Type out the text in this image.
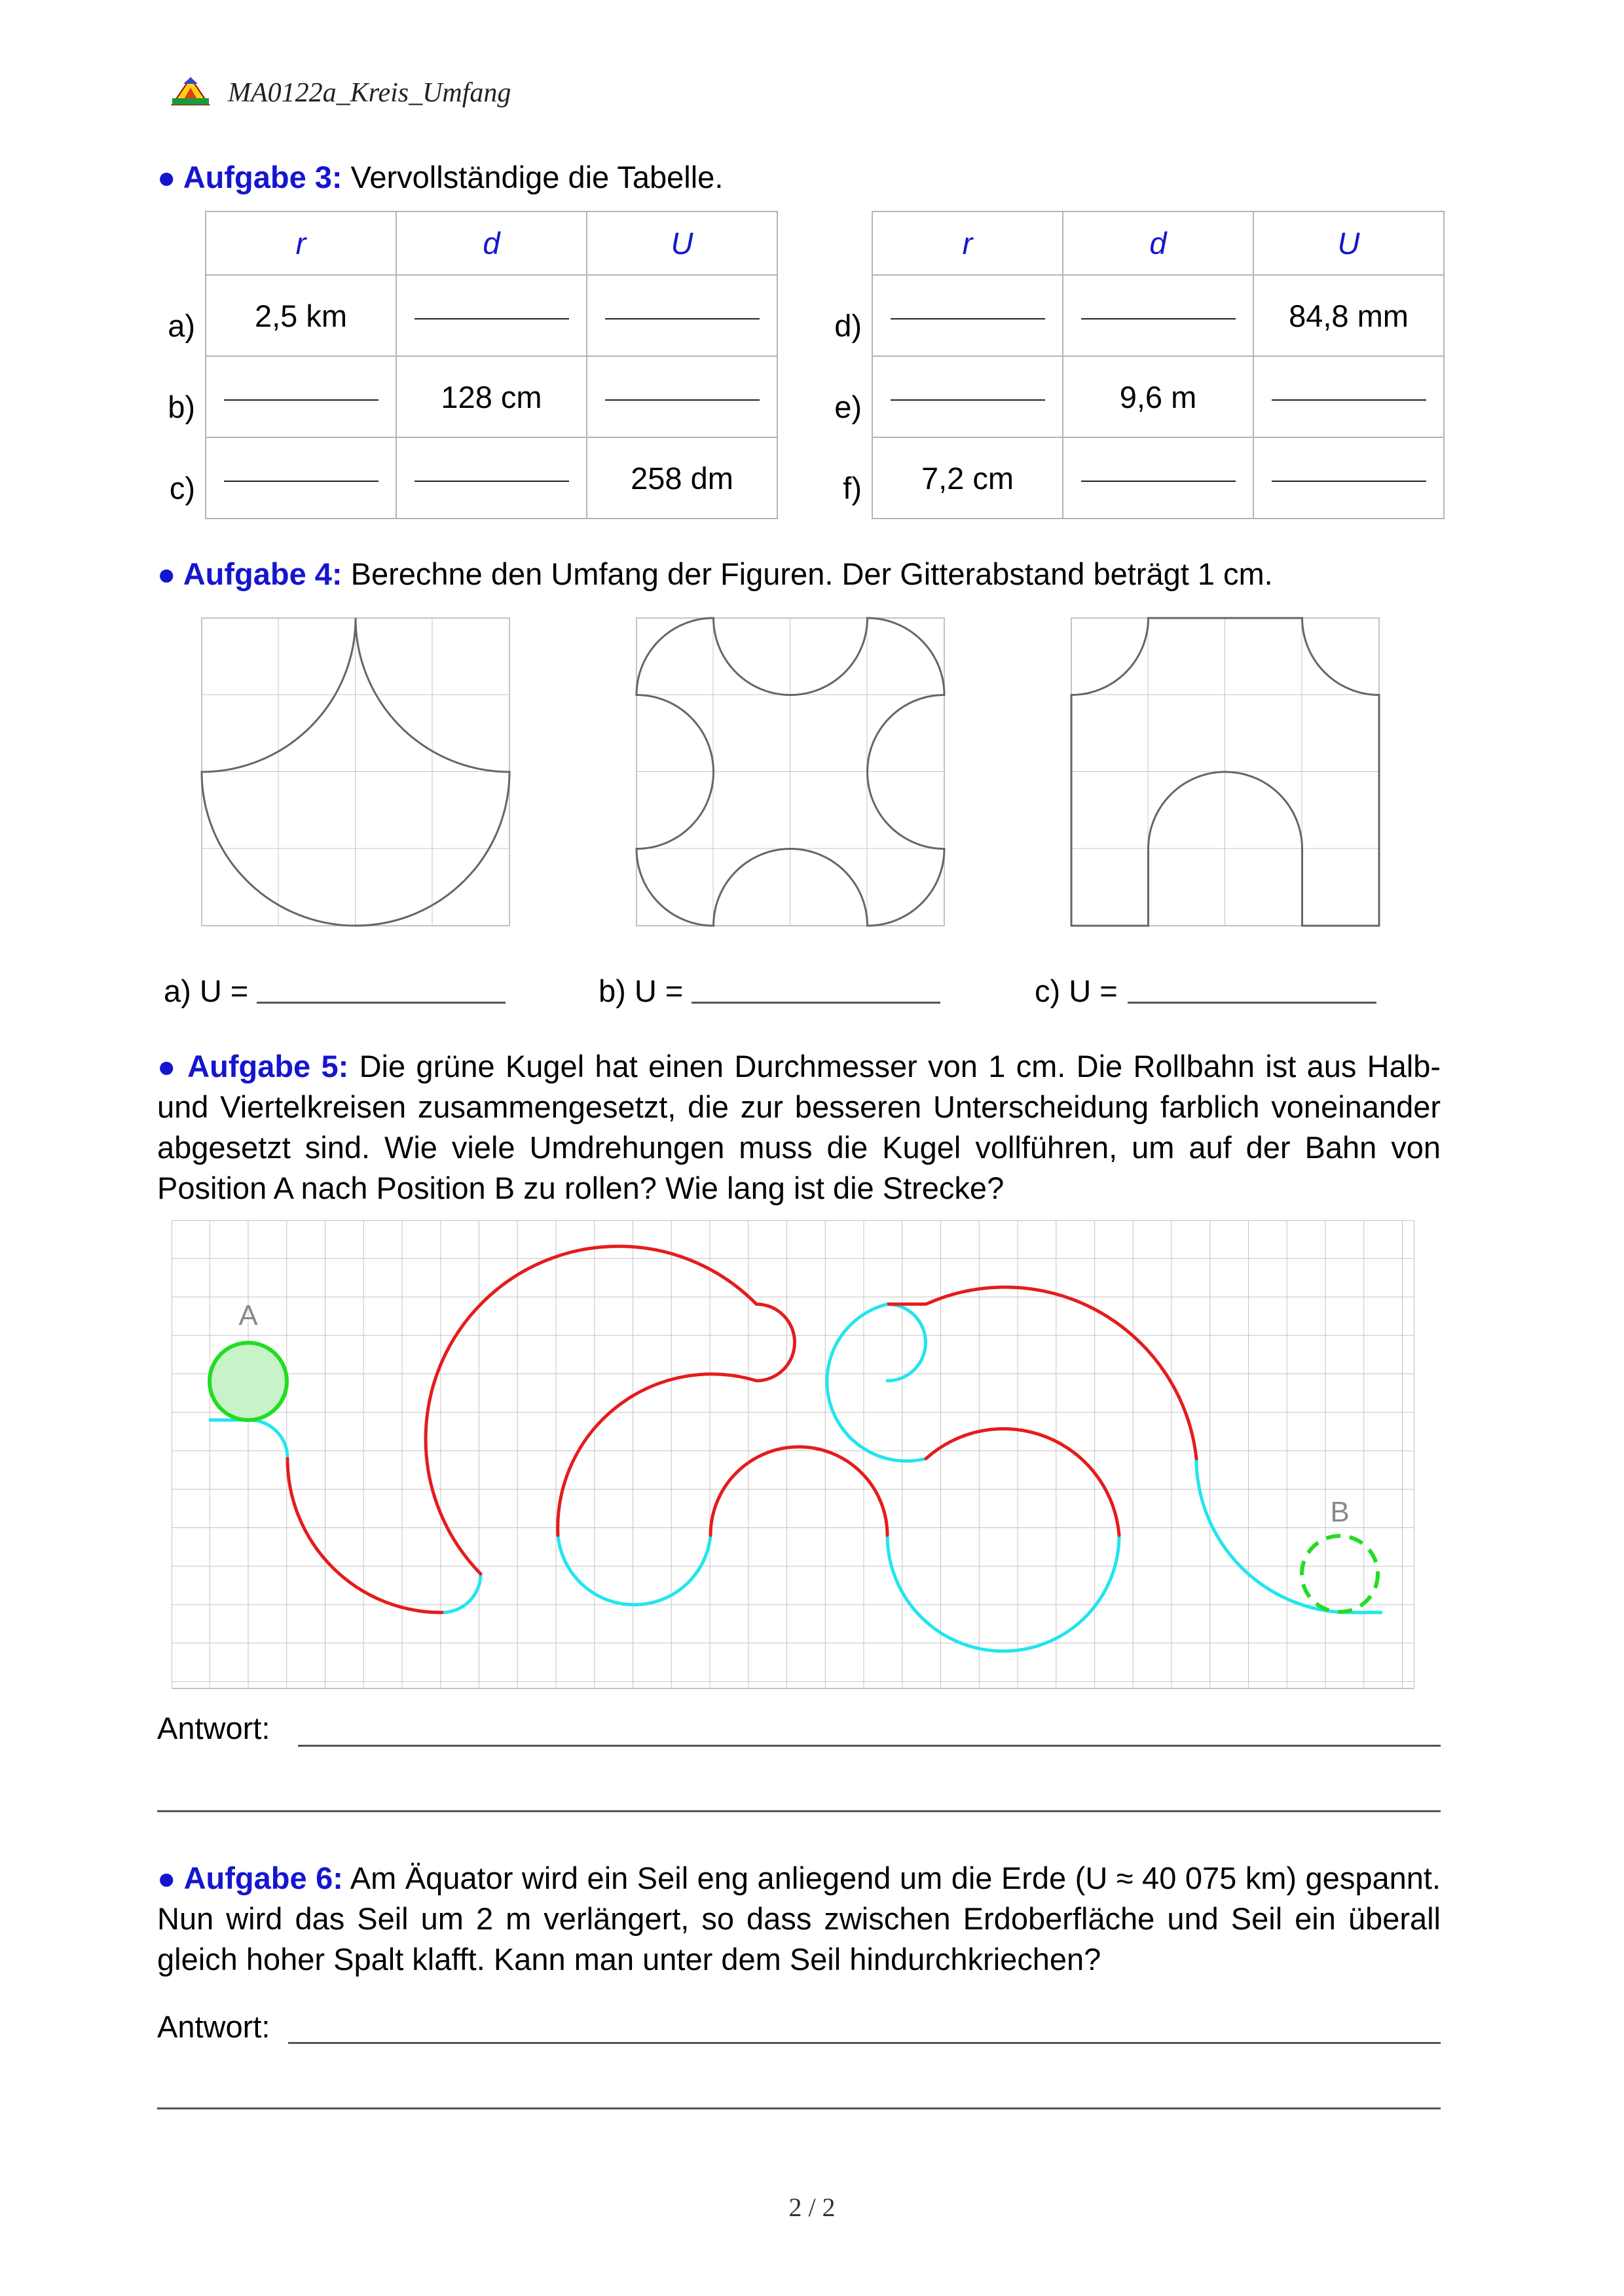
MA0122a_Kreis_Umfang
● Aufgabe 3: Vervollständige die Tabelle.
r	d	U
2,5 km		
	128 cm	
		258 dm
a)
b)
c)
r	d	U
		84,8 mm
	9,6 m	
7,2 cm		
d)
e)
f)
● Aufgabe 4: Berechne den Umfang der Figuren. Der Gitterabstand beträgt 1 cm.
a) U =	b) U =	c) U =
● Aufgabe 5: Die grüne Kugel hat einen Durchmesser von 1 cm. Die Rollbahn ist aus Halb- und Viertelkreisen zusammengesetzt, die zur besseren Unterscheidung farblich voneinander abgesetzt sind. Wie viele Umdrehungen muss die Kugel vollführen, um auf der Bahn von Position A nach Position B zu rollen? Wie lang ist die Strecke?
A
B
Antwort:
● Aufgabe 6: Am Äquator wird ein Seil eng anliegend um die Erde (U ≈ 40 075 km) gespannt. Nun wird das Seil um 2 m verlängert, so dass zwischen Erdoberfläche und Seil ein überall gleich hoher Spalt klafft. Kann man unter dem Seil hindurchkriechen?
Antwort:
2 / 2
